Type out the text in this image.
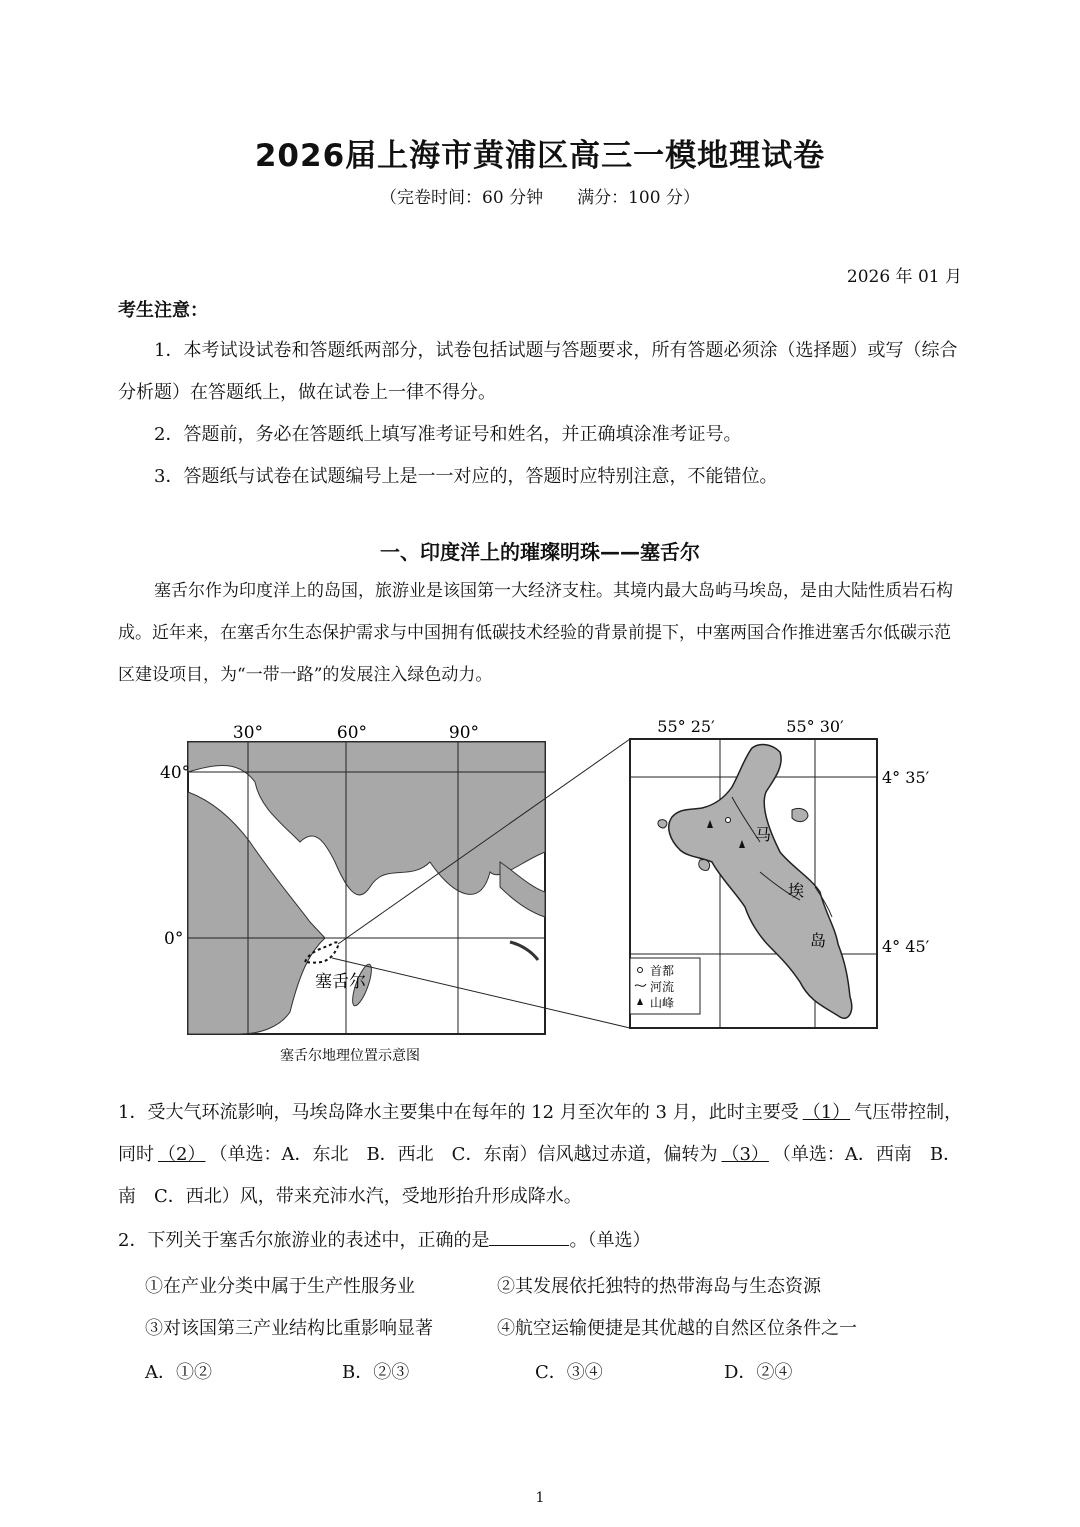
2026届上海市黄浦区高三一模地理试卷
（完卷时间：60 分钟　　满分：100 分）
2026 年 01 月
考生注意：
1．本考试设试卷和答题纸两部分，试卷包括试题与答题要求，所有答题必须涂（选择题）或写（综合分析题）在答题纸上，做在试卷上一律不得分。
2．答题前，务必在答题纸上填写准考证号和姓名，并正确填涂准考证号。
3．答题纸与试卷在试题编号上是一一对应的，答题时应特别注意，不能错位。
一、印度洋上的璀璨明珠——塞舌尔
塞舌尔作为印度洋上的岛国，旅游业是该国第一大经济支柱。其境内最大岛屿马埃岛，是由大陆性质岩石构成。近年来，在塞舌尔生态保护需求与中国拥有低碳技术经验的背景前提下，中塞两国合作推进塞舌尔低碳示范区建设项目，为“一带一路”的发展注入绿色动力。
30°	60°	90°
40°
0°
塞舌尔
塞舌尔地理位置示意图
55° 25′	55° 30′
4° 35′
4° 45′
马
埃
岛
首都
河流
山峰
1．受大气环流影响，马埃岛降水主要集中在每年的 12 月至次年的 3 月，此时主要受 （1） 气压带控制，同时 （2） （单选：A．东北　B．西北　C．东南）信风越过赤道，偏转为 （3） （单选：A．西南　B．南　C．西北）风，带来充沛水汽，受地形抬升形成降水。
2．下列关于塞舌尔旅游业的表述中，正确的是	。（单选）
①在产业分类中属于生产性服务业	②其发展依托独特的热带海岛与生态资源
③对该国第三产业结构比重影响显著	④航空运输便捷是其优越的自然区位条件之一
A．①②	B．②③	C．③④	D．②④
1
